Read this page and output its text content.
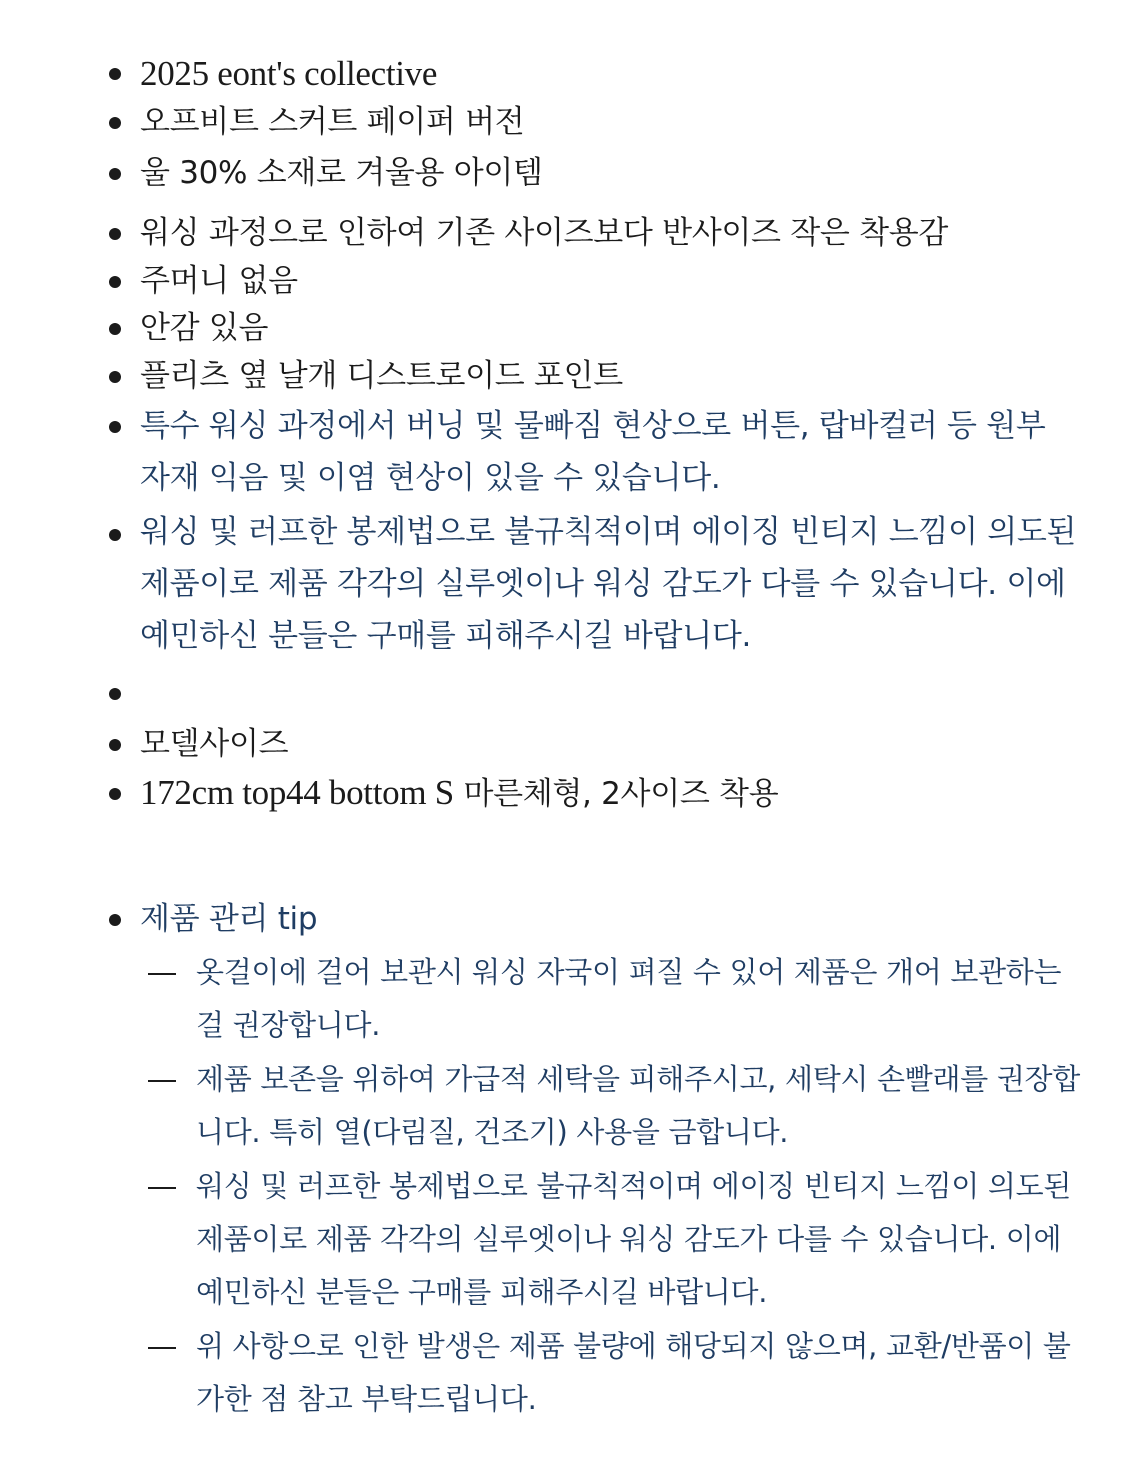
2025 eont's collective
오프비트 스커트 페이퍼 버전
울 30% 소재로 겨울용 아이템
워싱 과정으로 인하여 기존 사이즈보다 반사이즈 작은 착용감
주머니 없음
안감 있음
플리츠 옆 날개 디스트로이드 포인트
특수 워싱 과정에서 버닝 및 물빠짐 현상으로 버튼, 랍바컬러 등 원부자재 익음 및 이염 현상이 있을 수 있습니다.
워싱 및 러프한 봉제법으로 불규칙적이며 에이징 빈티지 느낌이 의도된 제품이로 제품 각각의 실루엣이나 워싱 감도가 다를 수 있습니다. 이에 예민하신 분들은 구매를 피해주시길 바랍니다.
모델사이즈
172cm top44 bottom S 마른체형, 2사이즈 착용
제품 관리 tip
옷걸이에 걸어 보관시 워싱 자국이 펴질 수 있어 제품은 개어 보관하는 걸 권장합니다.
제품 보존을 위하여 가급적 세탁을 피해주시고, 세탁시 손빨래를 권장합니다. 특히 열(다림질, 건조기) 사용을 금합니다.
워싱 및 러프한 봉제법으로 불규칙적이며 에이징 빈티지 느낌이 의도된 제품이로 제품 각각의 실루엣이나 워싱 감도가 다를 수 있습니다. 이에 예민하신 분들은 구매를 피해주시길 바랍니다.
위 사항으로 인한 발생은 제품 불량에 해당되지 않으며, 교환/반품이 불가한 점 참고 부탁드립니다.
